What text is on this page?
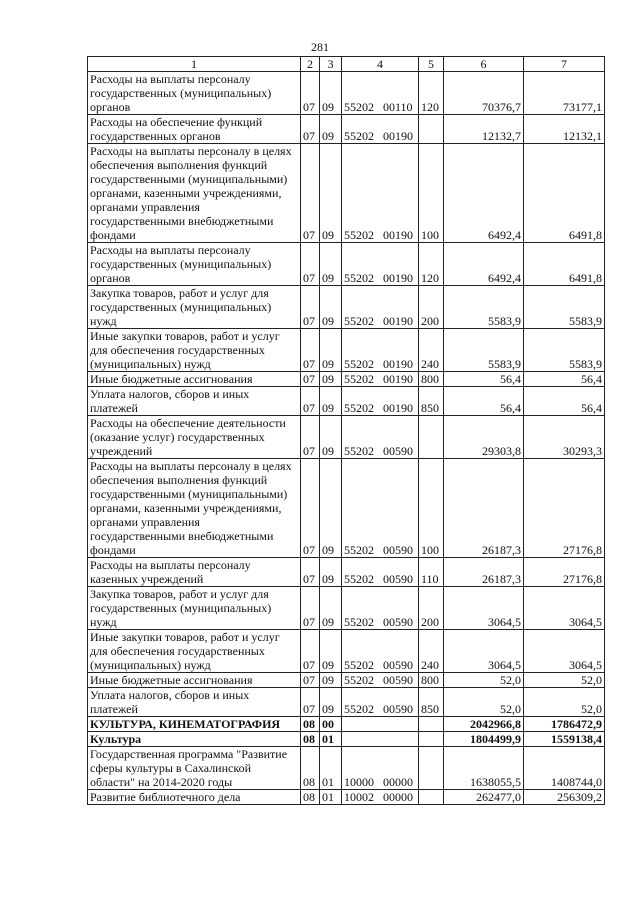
281
1	2	3	4	5	6	7
Расходы на выплаты персоналу государственных (муниципальных) органов	07	09	55202 00110	120	70376,7	73177,1
Расходы на обеспечение функций государственных органов	07	09	55202 00190		12132,7	12132,1
Расходы на выплаты персоналу в целях обеспечения выполнения функций государственными (муниципальными) органами, казенными учреждениями, органами управления государственными внебюджетными фондами	07	09	55202 00190	100	6492,4	6491,8
Расходы на выплаты персоналу государственных (муниципальных) органов	07	09	55202 00190	120	6492,4	6491,8
Закупка товаров, работ и услуг для государственных (муниципальных) нужд	07	09	55202 00190	200	5583,9	5583,9
Иные закупки товаров, работ и услуг для обеспечения государственных (муниципальных) нужд	07	09	55202 00190	240	5583,9	5583,9
Иные бюджетные ассигнования	07	09	55202 00190	800	56,4	56,4
Уплата налогов, сборов и иных платежей	07	09	55202 00190	850	56,4	56,4
Расходы на обеспечение деятельности (оказание услуг) государственных учреждений	07	09	55202 00590		29303,8	30293,3
Расходы на выплаты персоналу в целях обеспечения выполнения функций государственными (муниципальными) органами, казенными учреждениями, органами управления государственными внебюджетными фондами	07	09	55202 00590	100	26187,3	27176,8
Расходы на выплаты персоналу казенных учреждений	07	09	55202 00590	110	26187,3	27176,8
Закупка товаров, работ и услуг для государственных (муниципальных) нужд	07	09	55202 00590	200	3064,5	3064,5
Иные закупки товаров, работ и услуг для обеспечения государственных (муниципальных) нужд	07	09	55202 00590	240	3064,5	3064,5
Иные бюджетные ассигнования	07	09	55202 00590	800	52,0	52,0
Уплата налогов, сборов и иных платежей	07	09	55202 00590	850	52,0	52,0
КУЛЬТУРА, КИНЕМАТОГРАФИЯ	08	00			2042966,8	1786472,9
Культура	08	01			1804499,9	1559138,4
Государственная программа "Развитие сферы культуры в Сахалинской области" на 2014-2020 годы	08	01	10000 00000		1638055,5	1408744,0
Развитие библиотечного дела	08	01	10002 00000		262477,0	256309,2
